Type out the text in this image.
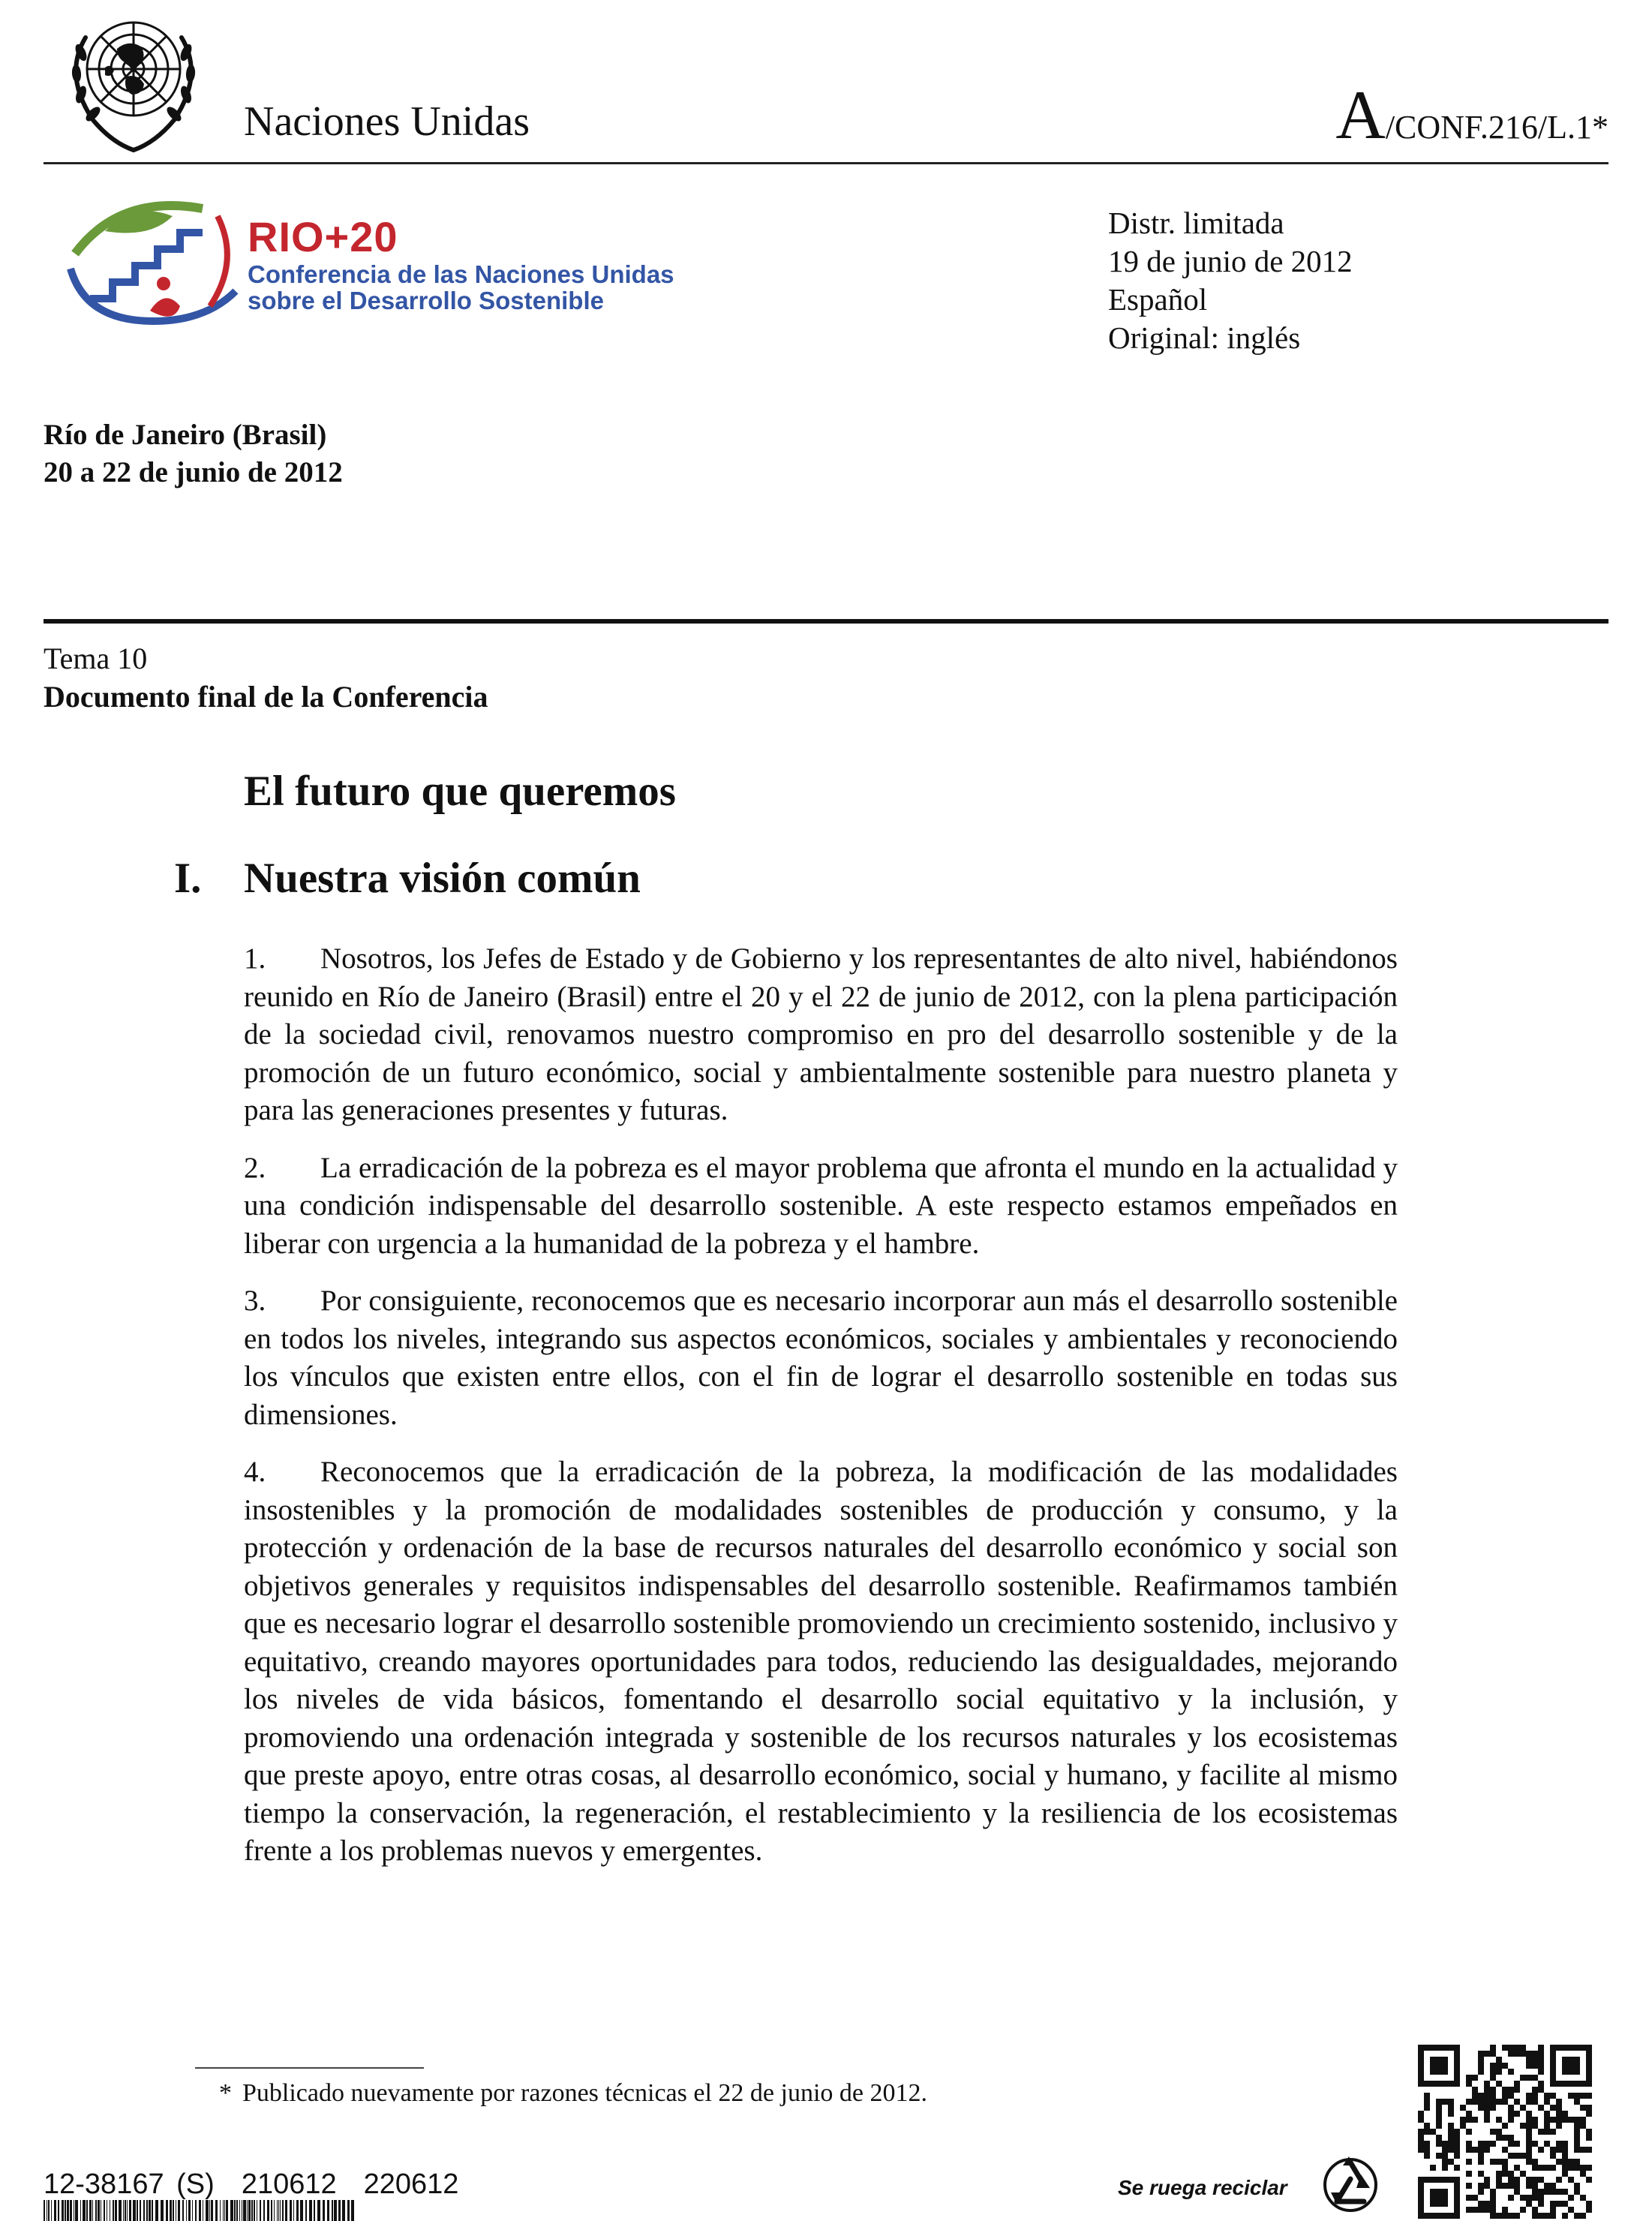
Naciones Unidas	A/CONF.216/L.1*
RIO+20
Conferencia de las Naciones Unidas
sobre el Desarrollo Sostenible
Distr. limitada
19 de junio de 2012
Español
Original: inglés
Río de Janeiro (Brasil)
20 a 22 de junio de 2012
Tema 10
Documento final de la Conferencia
El futuro que queremos
I. Nuestra visión común

1. Nosotros, los Jefes de Estado y de Gobierno y los representantes de alto nivel, habiéndonos reunido en Río de Janeiro (Brasil) entre el 20 y el 22 de junio de 2012, con la plena participación de la sociedad civil, renovamos nuestro compromiso en pro del desarrollo sostenible y de la promoción de un futuro económico, social y ambientalmente sostenible para nuestro planeta y para las generaciones presentes y futuras.

2. La erradicación de la pobreza es el mayor problema que afronta el mundo en la actualidad y una condición indispensable del desarrollo sostenible. A este respecto estamos empeñados en liberar con urgencia a la humanidad de la pobreza y el hambre.

3. Por consiguiente, reconocemos que es necesario incorporar aun más el desarrollo sostenible en todos los niveles, integrando sus aspectos económicos, sociales y ambientales y reconociendo los vínculos que existen entre ellos, con el fin de lograr el desarrollo sostenible en todas sus dimensiones.

4. Reconocemos que la erradicación de la pobreza, la modificación de las modalidades insostenibles y la promoción de modalidades sostenibles de producción y consumo, y la protección y ordenación de la base de recursos naturales del desarrollo económico y social son objetivos generales y requisitos indispensables del desarrollo sostenible. Reafirmamos también que es necesario lograr el desarrollo sostenible promoviendo un crecimiento sostenido, inclusivo y equitativo, creando mayores oportunidades para todos, reduciendo las desigualdades, mejorando los niveles de vida básicos, fomentando el desarrollo social equitativo y la inclusión, y promoviendo una ordenación integrada y sostenible de los recursos naturales y los ecosistemas que preste apoyo, entre otras cosas, al desarrollo económico, social y humano, y facilite al mismo tiempo la conservación, la regeneración, el restablecimiento y la resiliencia de los ecosistemas frente a los problemas nuevos y emergentes.

* Publicado nuevamente por razones técnicas el 22 de junio de 2012.
12-38167 (S) 210612 220612	Se ruega reciclar
